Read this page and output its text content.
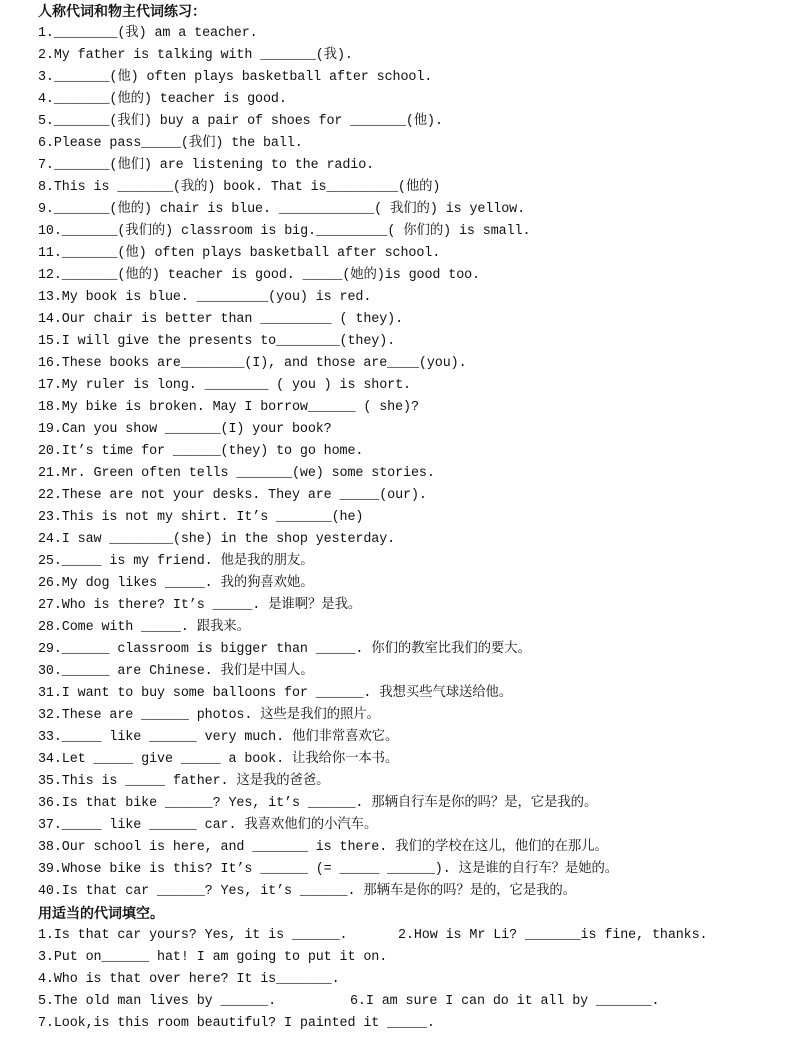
人称代词和物主代词练习：
1.________(我) am a teacher.
2.My father is talking with _______(我).
3._______(他) often plays basketball after school.
4._______(他的) teacher is good.
5._______(我们) buy a pair of shoes for _______(他).
6.Please pass_____(我们) the ball.
7._______(他们) are listening to the radio.
8.This is _______(我的) book. That is_________(他的)
9._______(他的) chair is blue. ____________( 我们的) is yellow.
10._______(我们的) classroom is big._________( 你们的) is small.
11._______(他) often plays basketball after school.
12._______(他的) teacher is good. _____(她的)is good too.
13.My book is blue. _________(you) is red.
14.Our chair is better than _________ ( they).
15.I will give the presents to________(they).
16.These books are________(I), and those are____(you).
17.My ruler is long. ________ ( you ) is short.
18.My bike is broken. May I borrow______ ( she)?
19.Can you show _______(I) your book?
20.It’s time for ______(they) to go home.
21.Mr. Green often tells _______(we) some stories.
22.These are not your desks. They are _____(our).
23.This is not my shirt. It’s _______(he)
24.I saw ________(she) in the shop yesterday.
25._____ is my friend. 他是我的朋友。
26.My dog likes _____. 我的狗喜欢她。
27.Who is there? It’s _____. 是谁啊？是我。
28.Come with _____. 跟我来。
29.______ classroom is bigger than _____. 你们的教室比我们的要大。
30.______ are Chinese. 我们是中国人。
31.I want to buy some balloons for ______. 我想买些气球送给他。
32.These are ______ photos. 这些是我们的照片。
33._____ like ______ very much. 他们非常喜欢它。
34.Let _____ give _____ a book. 让我给你一本书。
35.This is _____ father. 这是我的爸爸。
36.Is that bike ______? Yes, it’s ______. 那辆自行车是你的吗？是，它是我的。
37._____ like ______ car. 我喜欢他们的小汽车。
38.Our school is here, and _______ is there. 我们的学校在这儿，他们的在那儿。
39.Whose bike is this? It’s ______ (= _____ ______). 这是谁的自行车？是她的。
40.Is that car ______? Yes, it’s ______. 那辆车是你的吗？是的，它是我的。
用适当的代词填空。
1.Is that car yours? Yes, it is ______.	2.How is Mr Li? _______is fine, thanks.
3.Put on______ hat! I am going to put it on.
4.Who is that over here? It is_______.
5.The old man lives by ______.	6.I am sure I can do it all by _______.
7.Look,is this room beautiful? I painted it _____.
